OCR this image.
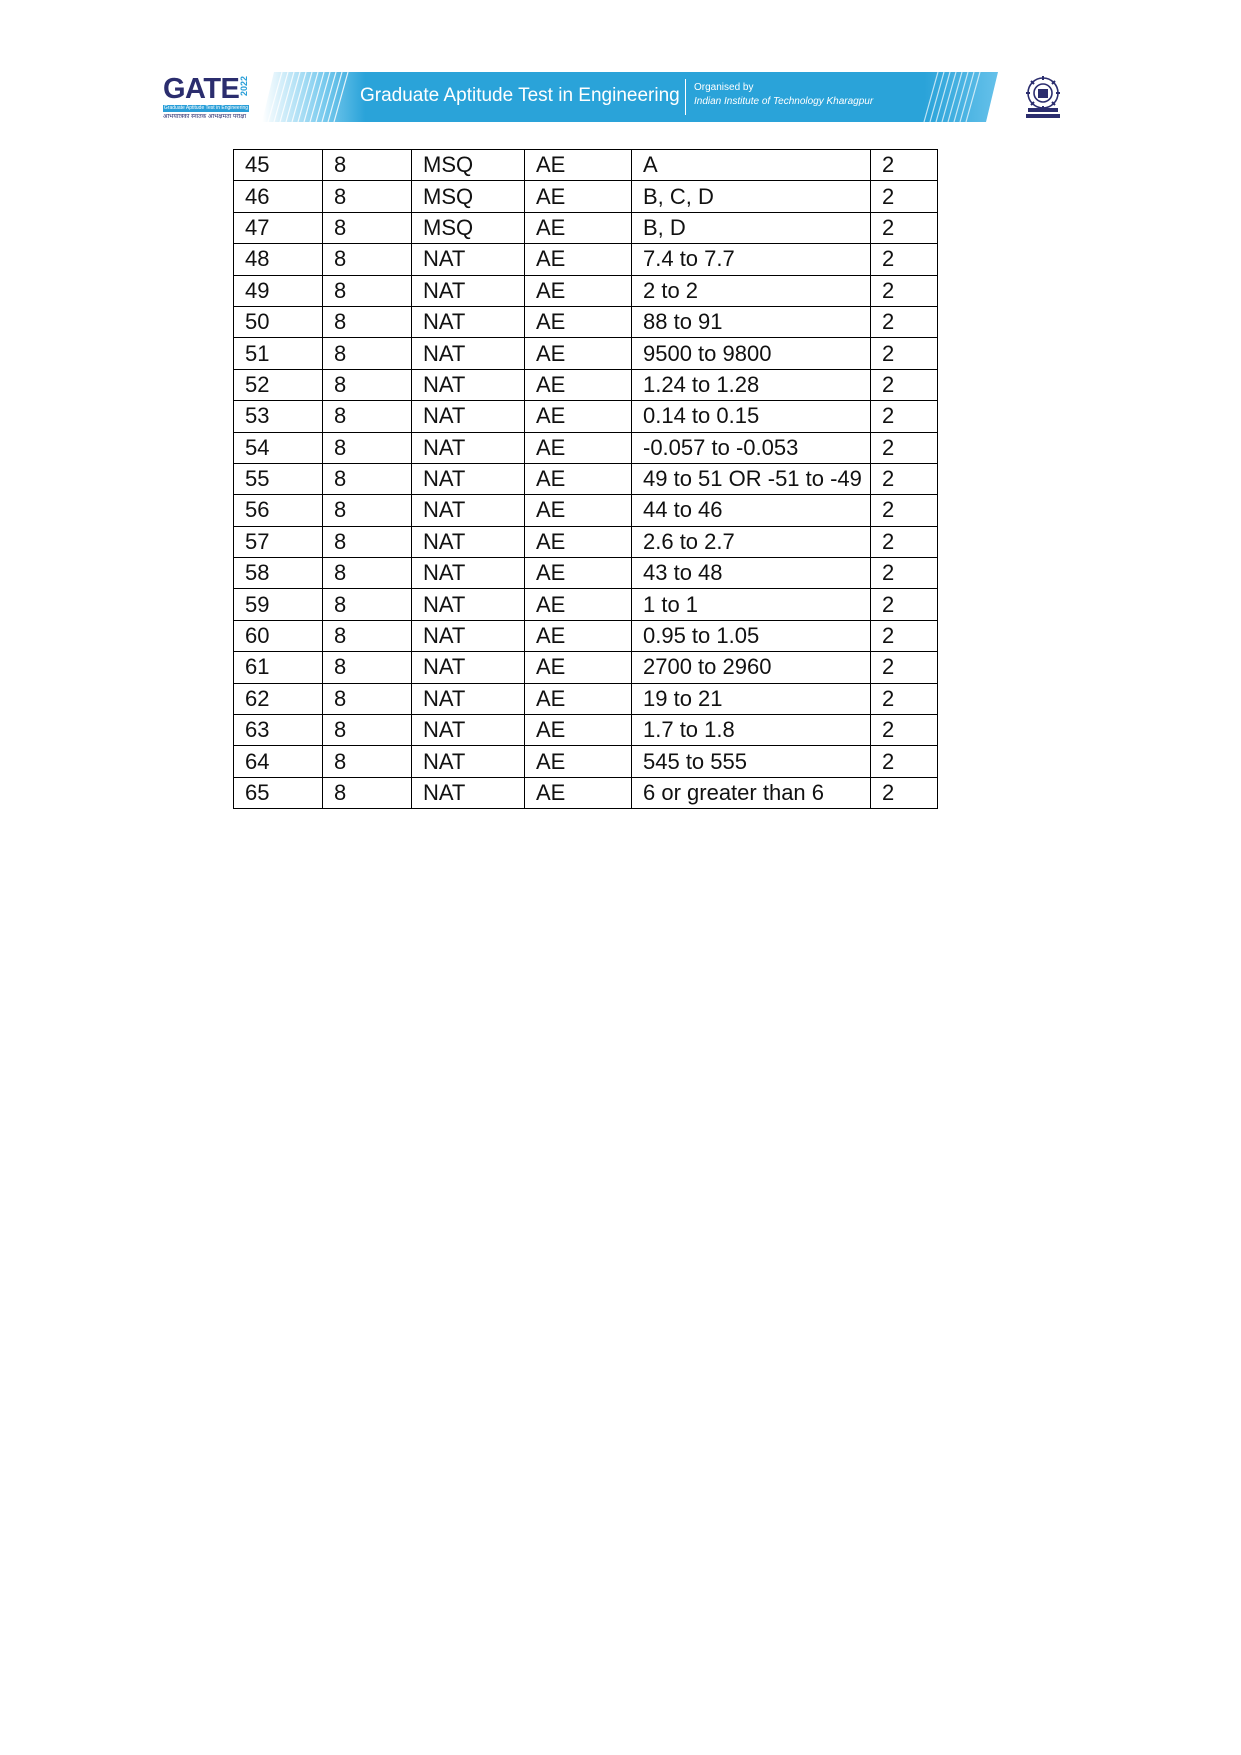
GATE 2022
Graduate Aptitude Test in Engineering
अभियांत्रिकी स्नातक अभिक्षमता परीक्षा
Graduate Aptitude Test in Engineering Organised by
Indian Institute of Technology Kharagpur
45	8	MSQ	AE	A	2
46	8	MSQ	AE	B, C, D	2
47	8	MSQ	AE	B, D	2
48	8	NAT	AE	7.4 to 7.7	2
49	8	NAT	AE	2 to 2	2
50	8	NAT	AE	88 to 91	2
51	8	NAT	AE	9500 to 9800	2
52	8	NAT	AE	1.24 to 1.28	2
53	8	NAT	AE	0.14 to 0.15	2
54	8	NAT	AE	-0.057 to -0.053	2
55	8	NAT	AE	49 to 51 OR -51 to -49	2
56	8	NAT	AE	44 to 46	2
57	8	NAT	AE	2.6 to 2.7	2
58	8	NAT	AE	43 to 48	2
59	8	NAT	AE	1 to 1	2
60	8	NAT	AE	0.95 to 1.05	2
61	8	NAT	AE	2700 to 2960	2
62	8	NAT	AE	19 to 21	2
63	8	NAT	AE	1.7 to 1.8	2
64	8	NAT	AE	545 to 555	2
65	8	NAT	AE	6 or greater than 6	2
